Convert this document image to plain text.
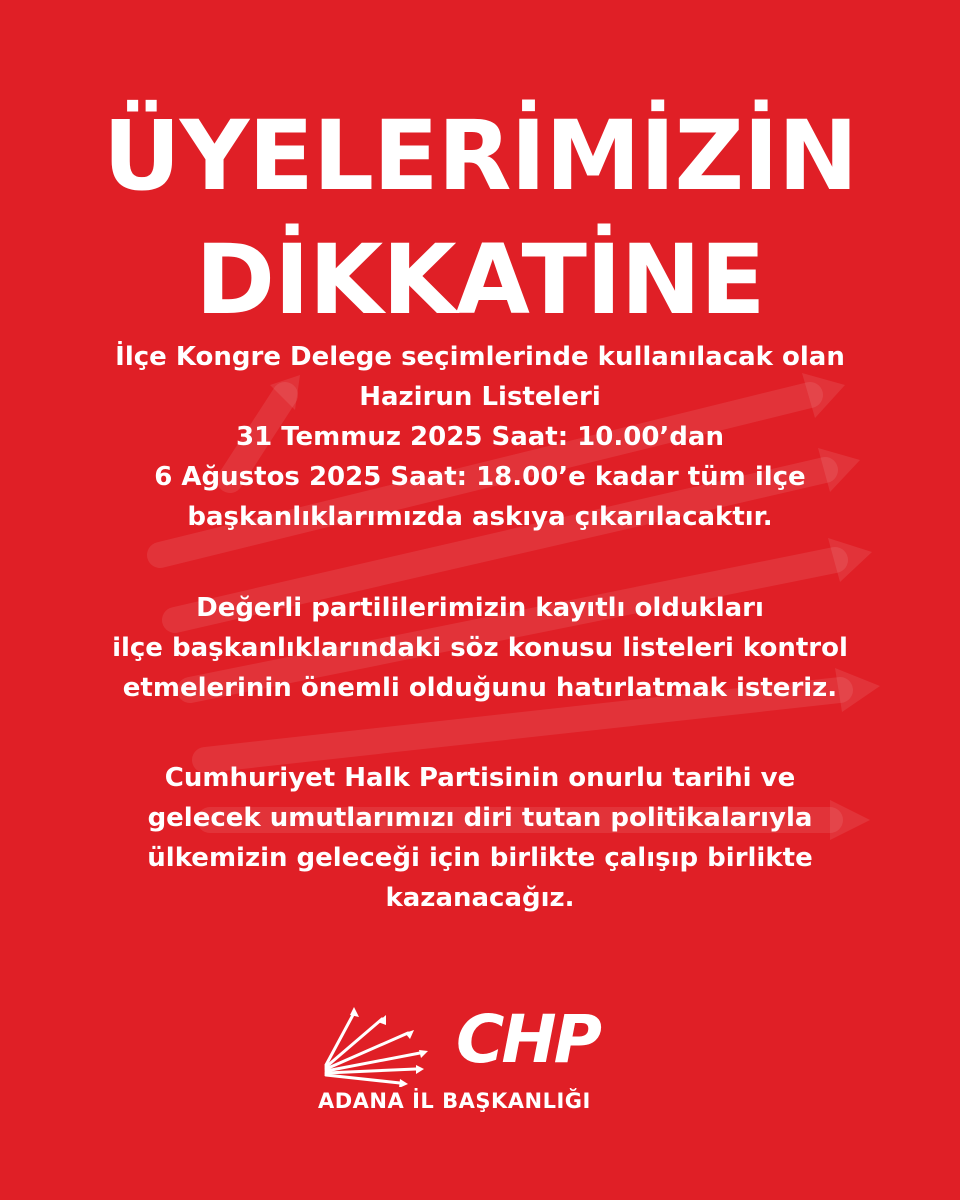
ÜYELERİMİZİN
DİKKATİNE
İlçe Kongre Delege seçimlerinde kullanılacak olan
Hazirun Listeleri
31 Temmuz 2025 Saat: 10.00’dan
6 Ağustos 2025 Saat: 18.00’e kadar tüm ilçe
başkanlıklarımızda askıya çıkarılacaktır.
Değerli partililerimizin kayıtlı oldukları
ilçe başkanlıklarındaki söz konusu listeleri kontrol
etmelerinin önemli olduğunu hatırlatmak isteriz.
Cumhuriyet Halk Partisinin onurlu tarihi ve
gelecek umutlarımızı diri tutan politikalarıyla
ülkemizin geleceği için birlikte çalışıp birlikte
kazanacağız.
CHP
ADANA İL BAŞKANLIĞI
